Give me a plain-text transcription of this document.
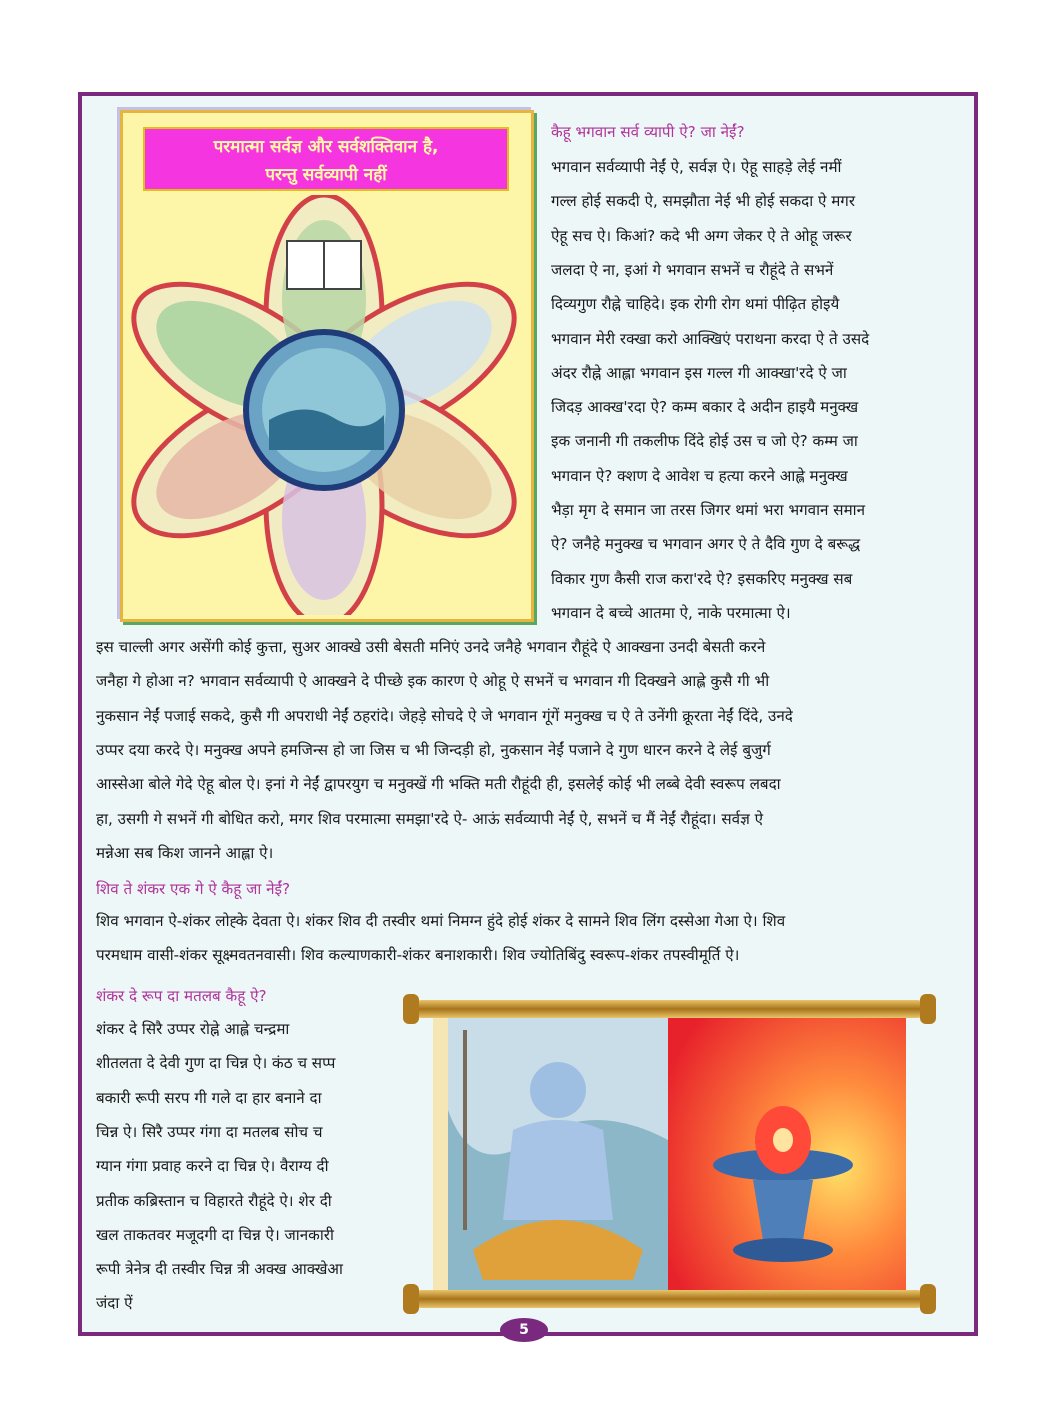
परमात्मा सर्वज्ञ और सर्वशक्तिवान है,
परन्तु सर्वव्यापी नहीं
कैहू भगवान सर्व व्यापी ऐ? जा नेईं?
भगवान सर्वव्यापी नेईं ऐ, सर्वज्ञ ऐ। ऐहू साहड़े लेई नमीं
गल्ल होई सकदी ऐ, समझौता नेई भी होई सकदा ऐ मगर
ऐहू सच ऐ। किआं? कदे भी अग्ग जेकर ऐ ते ओहू जरूर
जलदा ऐ ना, इआं गे भगवान सभनें च रौहूंदे ते सभनें
दिव्यगुण रौह्ने चाहिदे। इक रोगी रोग थमां पीढ़ित होइयै
भगवान मेरी रक्खा करो आक्खिएं पराथना करदा ऐ ते उसदे
अंदर रौह्ने आह्ला भगवान इस गल्ल गी आक्खा'रदे ऐ जा
जिदड़ आक्ख'रदा ऐ? कम्म बकार दे अदीन हाइयै मनुक्ख
इक जनानी गी तकलीफ दिंदे होई उस च जो ऐ? कम्म जा
भगवान ऐ? क्शण दे आवेश च हत्या करने आह्ले मनुक्ख
भैड़ा मृग दे समान जा तरस जिगर थमां भरा भगवान समान
ऐ? जनैहे मनुक्ख च भगवान अगर ऐ ते दैवि गुण दे बरूद्ध
विकार गुण कैसी राज करा'रदे ऐ? इसकरिए मनुक्ख सब
भगवान दे बच्चे आतमा ऐ, नाके परमात्मा ऐ।
इस चाल्ली अगर असेंगी कोई कुत्ता, सुअर आक्खे उसी बेसती मनिएं उनदे जनैहे भगवान रौहूंदे ऐ आक्खना उनदी बेसती करने
जनैहा गे होआ न? भगवान सर्वव्यापी ऐ आक्खने दे पीच्छे इक कारण ऐ ओहू ऐ सभनें च भगवान गी दिक्खने आह्ले कुसै गी भी
नुकसान नेईं पजाई सकदे, कुसै गी अपराधी नेईं ठहरांदे। जेहड़े सोचदे ऐ जे भगवान गूंगें मनुक्ख च ऐ ते उनेंगी क्रूरता नेईं दिंदे, उनदे
उप्पर दया करदे ऐ। मनुक्ख अपने हमजिन्स हो जा जिस च भी जिन्दड़ी हो, नुकसान नेईं पजाने दे गुण धारन करने दे लेई बुजुर्ग
आस्सेआ बोले गेदे ऐहू बोल ऐ। इनां गे नेईं द्वापरयुग च मनुक्खें गी भक्ति मती रौहूंदी ही, इसलेई कोई भी लब्बे देवी स्वरूप लबदा
हा, उसगी गे सभनें गी बोधित करो, मगर शिव परमात्मा समझा'रदे ऐ- आऊं सर्वव्यापी नेईं ऐ, सभनें च मैं नेईं रौहूंदा। सर्वज्ञ ऐ
मन्नेआ सब किश जानने आह्ला ऐ।
शिव ते शंकर एक गे ऐ कैहू जा नेईं?
शिव भगवान ऐ-शंकर लोह्के देवता ऐ। शंकर शिव दी तस्वीर थमां निमग्न हुंदे होई शंकर दे सामने शिव लिंग दस्सेआ गेआ ऐ। शिव
परमधाम वासी-शंकर सूक्ष्मवतनवासी। शिव कल्याणकारी-शंकर बनाशकारी। शिव ज्योतिबिंदु स्वरूप-शंकर तपस्वीमूर्ति ऐ।
शंकर दे रूप दा मतलब कैहू ऐ?
शंकर दे सिरै उप्पर रोह्ने आह्ले चन्द्रमा
शीतलता दे देवी गुण दा चिन्न ऐ। कंठ च सप्प
बकारी रूपी सरप गी गले दा हार बनाने दा
चिन्न ऐ। सिरै उप्पर गंगा दा मतलब सोच च
ग्यान गंगा प्रवाह करने दा चिन्न ऐ। वैराग्य दी
प्रतीक कब्रिस्तान च विहारते रौहूंदे ऐ। शेर दी
खल ताकतवर मजूदगी दा चिन्न ऐ। जानकारी
रूपी त्रेनेत्र दी तस्वीर चिन्न त्री अक्ख आक्खेआ
जंदा ऐं
5
